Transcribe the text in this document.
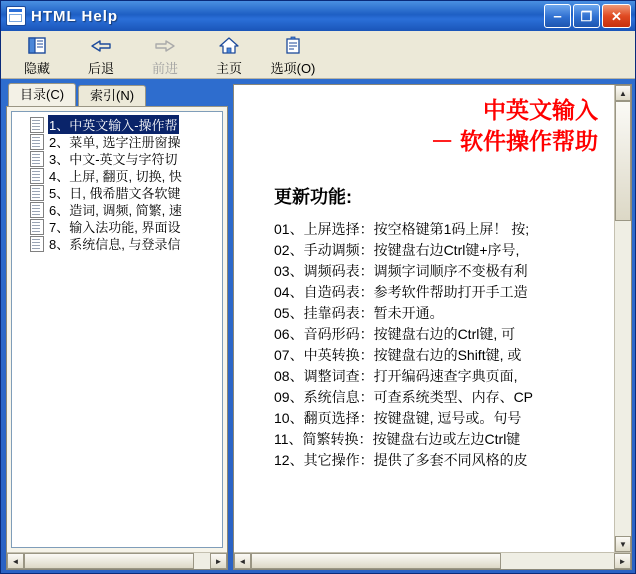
HTML Help	–	❐	✕
隐藏	后退	前进	主页 选项(O)
目录(C)	索引(N)
1、中英文输入-操作帮
2、菜单, 选字注册窗操
3、中文-英文与字符切
4、上屏, 翻页, 切换, 快
5、日, 俄希腊文各软键
6、造词, 调频, 简繁, 速
7、输入法功能, 界面设
8、系统信息, 与登录信
◄	►
中英文输入
－ 软件操作帮助
更新功能:
01、上屏选择：按空格键第1码上屏！ 按;
02、手动调频：按键盘右边Ctrl键+序号,
03、调频码表：调频字词顺序不变极有利
04、自造码表：参考软件帮助打开手工造
05、挂靠码表：暂未开通。
06、音码形码：按键盘右边的Ctrl键, 可
07、中英转换：按键盘右边的Shift键, 或
08、调整词查：打开编码速查字典页面,
09、系统信息：可查系统类型、内存、CP
10、翻页选择：按键盘键, 逗号或。句号
11、简繁转换：按键盘右边或左边Ctrl键
12、其它操作：提供了多套不同风格的皮
▲
▼
◄	►
